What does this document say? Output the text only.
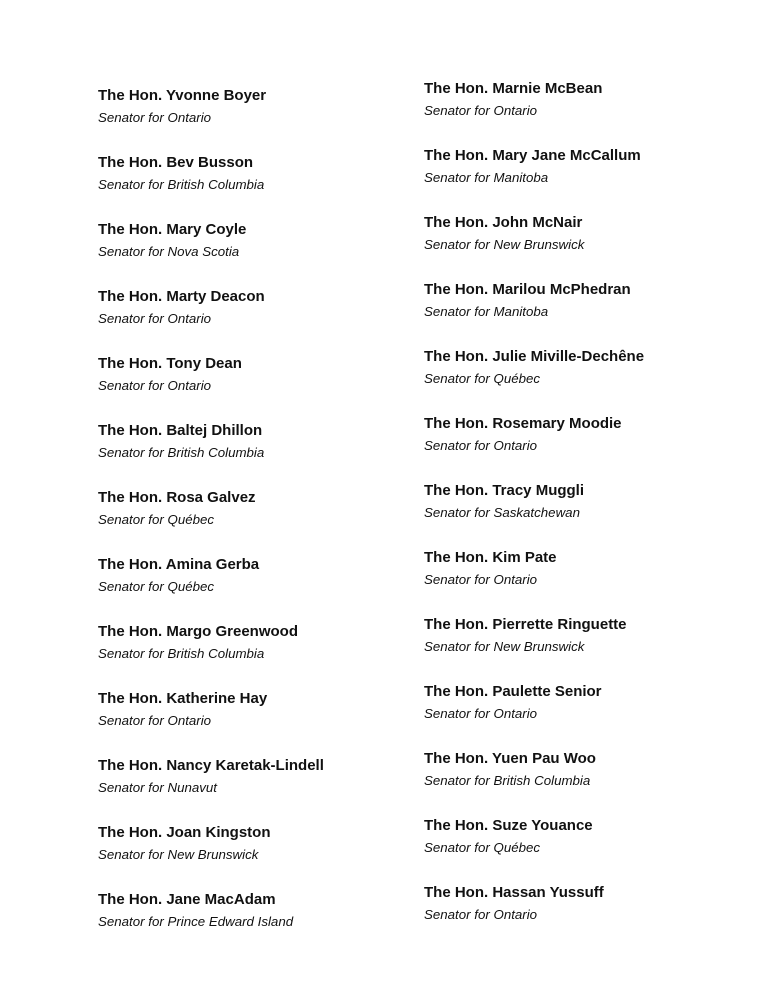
The Hon. Yvonne Boyer
Senator for Ontario
The Hon. Bev Busson
Senator for British Columbia
The Hon. Mary Coyle
Senator for Nova Scotia
The Hon. Marty Deacon
Senator for Ontario
The Hon. Tony Dean
Senator for Ontario
The Hon. Baltej Dhillon
Senator for British Columbia
The Hon. Rosa Galvez
Senator for Québec
The Hon. Amina Gerba
Senator for Québec
The Hon. Margo Greenwood
Senator for British Columbia
The Hon. Katherine Hay
Senator for Ontario
The Hon. Nancy Karetak-Lindell
Senator for Nunavut
The Hon. Joan Kingston
Senator for New Brunswick
The Hon. Jane MacAdam
Senator for Prince Edward Island
The Hon. Marnie McBean
Senator for Ontario
The Hon. Mary Jane McCallum
Senator for Manitoba
The Hon. John McNair
Senator for New Brunswick
The Hon. Marilou McPhedran
Senator for Manitoba
The Hon. Julie Miville-Dechêne
Senator for Québec
The Hon. Rosemary Moodie
Senator for Ontario
The Hon. Tracy Muggli
Senator for Saskatchewan
The Hon. Kim Pate
Senator for Ontario
The Hon. Pierrette Ringuette
Senator for New Brunswick
The Hon. Paulette Senior
Senator for Ontario
The Hon. Yuen Pau Woo
Senator for British Columbia
The Hon. Suze Youance
Senator for Québec
The Hon. Hassan Yussuff
Senator for Ontario
